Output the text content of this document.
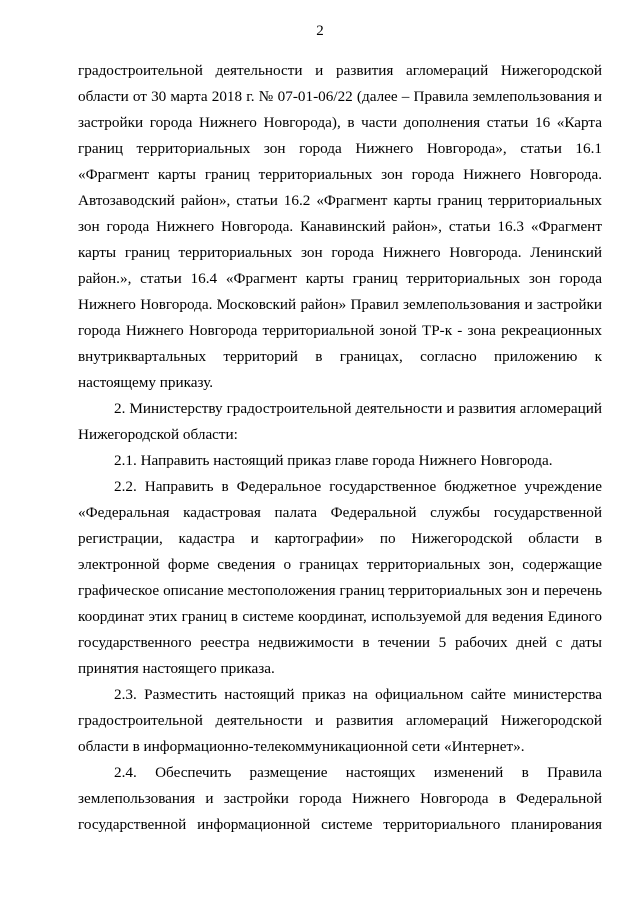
2

градостроительной деятельности и развития агломераций Нижегородской области от 30 марта 2018 г. № 07-01-06/22 (далее – Правила землепользования и застройки города Нижнего Новгорода), в части дополнения статьи 16 «Карта границ территориальных зон города Нижнего Новгорода», статьи 16.1 «Фрагмент карты границ территориальных зон города Нижнего Новгорода. Автозаводский район», статьи 16.2 «Фрагмент карты границ территориальных зон города Нижнего Новгорода. Канавинский район», статьи 16.3 «Фрагмент карты границ территориальных зон города Нижнего Новгорода. Ленинский район.», статьи 16.4 «Фрагмент карты границ территориальных зон города Нижнего Новгорода. Московский район» Правил землепользования и застройки города Нижнего Новгорода территориальной зоной ТР-к - зона рекреационных внутриквартальных территорий в границах, согласно приложению к настоящему приказу.

2. Министерству градостроительной деятельности и развития агломераций Нижегородской области:

2.1. Направить настоящий приказ главе города Нижнего Новгорода.

2.2. Направить в Федеральное государственное бюджетное учреждение «Федеральная кадастровая палата Федеральной службы государственной регистрации, кадастра и картографии» по Нижегородской области в электронной форме сведения о границах территориальных зон, содержащие графическое описание местоположения границ территориальных зон и перечень координат этих границ в системе координат, используемой для ведения Единого государственного реестра недвижимости в течении 5 рабочих дней с даты принятия настоящего приказа.

2.3. Разместить настоящий приказ на официальном сайте министерства градостроительной деятельности и развития агломераций Нижегородской области в информационно-телекоммуникационной сети «Интернет».

2.4. Обеспечить размещение настоящих изменений в Правила землепользования и застройки города Нижнего Новгорода в Федеральной государственной информационной системе территориального планирования
